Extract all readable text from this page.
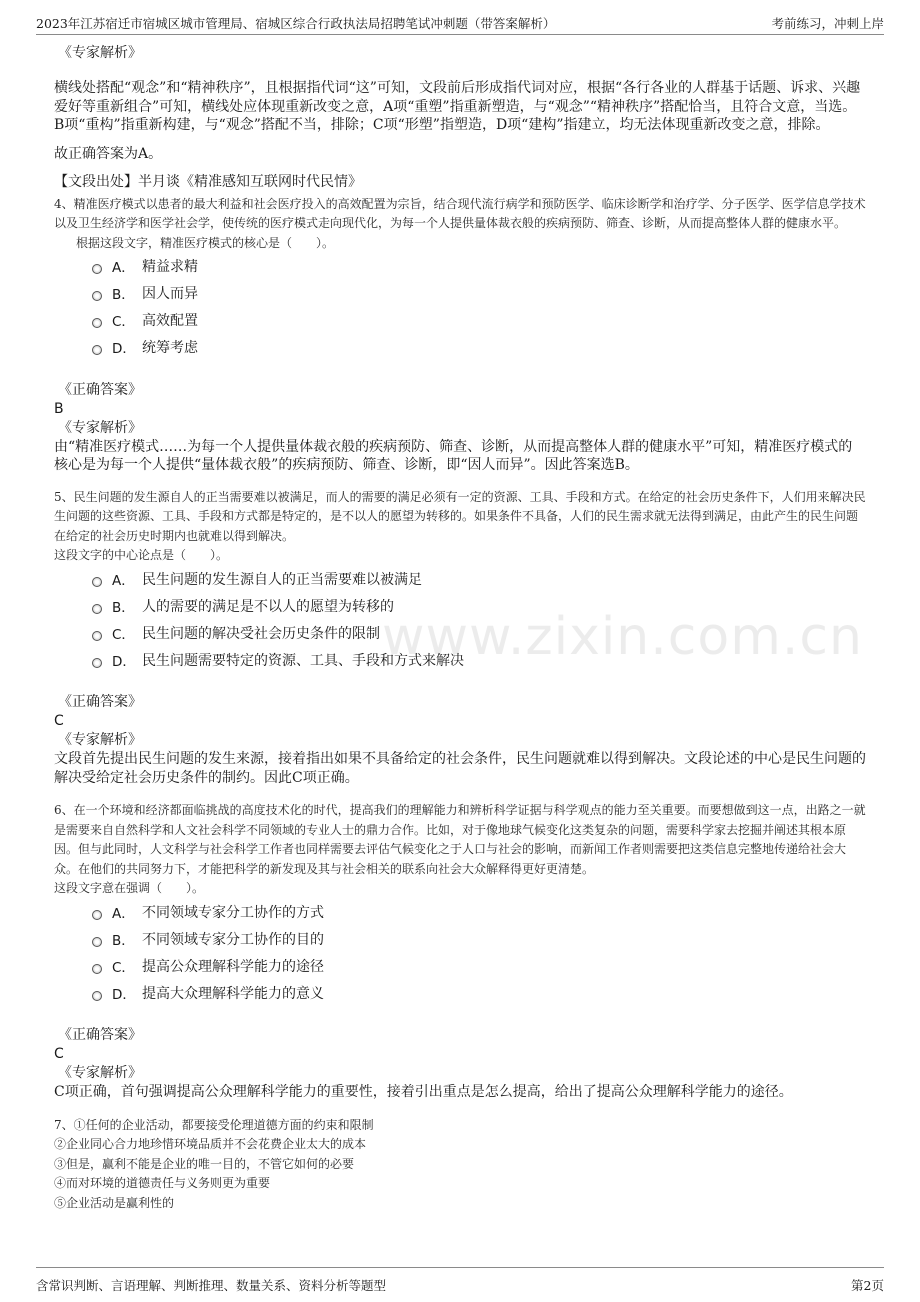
2023年江苏宿迁市宿城区城市管理局、宿城区综合行政执法局招聘笔试冲刺题（带答案解析）	考前练习，冲刺上岸
www.zixin.com.cn

《专家解析》

横线处搭配“观念”和“精神秩序”，且根据指代词“这”可知，文段前后形成指代词对应，根据“各行各业的人群基于话题、诉求、兴趣爱好等重新组合”可知，横线处应体现重新改变之意，A项“重塑”指重新塑造，与“观念”“精神秩序”搭配恰当，且符合文意，当选。B项“重构”指重新构建，与“观念”搭配不当，排除；C项“形塑”指塑造，D项“建构”指建立，均无法体现重新改变之意，排除。

故正确答案为A。

【文段出处】半月谈《精准感知互联网时代民情》

4、精准医疗模式以患者的最大利益和社会医疗投入的高效配置为宗旨，结合现代流行病学和预防医学、临床诊断学和治疗学、分子医学、医学信息学技术以及卫生经济学和医学社会学，使传统的医疗模式走向现代化，为每一个人提供量体裁衣般的疾病预防、筛查、诊断，从而提高整体人群的健康水平。

根据这段文字，精准医疗模式的核心是（　　）。

A． 精益求精
B． 因人而异
C． 高效配置
D． 统筹考虑

《正确答案》

B

《专家解析》

由“精准医疗模式……为每一个人提供量体裁衣般的疾病预防、筛查、诊断，从而提高整体人群的健康水平”可知，精准医疗模式的核心是为每一个人提供“量体裁衣般”的疾病预防、筛查、诊断，即“因人而异”。因此答案选B。

5、民生问题的发生源自人的正当需要难以被满足，而人的需要的满足必须有一定的资源、工具、手段和方式。在给定的社会历史条件下，人们用来解决民生问题的这些资源、工具、手段和方式都是特定的，是不以人的愿望为转移的。如果条件不具备，人们的民生需求就无法得到满足，由此产生的民生问题在给定的社会历史时期内也就难以得到解决。

这段文字的中心论点是（　　）。

A． 民生问题的发生源自人的正当需要难以被满足
B． 人的需要的满足是不以人的愿望为转移的
C． 民生问题的解决受社会历史条件的限制
D． 民生问题需要特定的资源、工具、手段和方式来解决

《正确答案》

C

《专家解析》

文段首先提出民生问题的发生来源，接着指出如果不具备给定的社会条件，民生问题就难以得到解决。文段论述的中心是民生问题的解决受给定社会历史条件的制约。因此C项正确。

6、在一个环境和经济都面临挑战的高度技术化的时代，提高我们的理解能力和辨析科学证据与科学观点的能力至关重要。而要想做到这一点，出路之一就是需要来自自然科学和人文社会科学不同领域的专业人士的鼎力合作。比如，对于像地球气候变化这类复杂的问题，需要科学家去挖掘并阐述其根本原因。但与此同时，人文科学与社会科学工作者也同样需要去评估气候变化之于人口与社会的影响，而新闻工作者则需要把这类信息完整地传递给社会大众。在他们的共同努力下，才能把科学的新发现及其与社会相关的联系向社会大众解释得更好更清楚。

这段文字意在强调（　　）。

A． 不同领域专家分工协作的方式
B． 不同领域专家分工协作的目的
C． 提高公众理解科学能力的途径
D． 提高大众理解科学能力的意义

《正确答案》

C

《专家解析》

C项正确，首句强调提高公众理解科学能力的重要性，接着引出重点是怎么提高，给出了提高公众理解科学能力的途径。

7、①任何的企业活动，都要接受伦理道德方面的约束和限制

②企业同心合力地珍惜环境品质并不会花费企业太大的成本

③但是，赢利不能是企业的唯一目的，不管它如何的必要

④而对环境的道德责任与义务则更为重要

⑤企业活动是赢利性的

含常识判断、言语理解、判断推理、数量关系、资料分析等题型	第2页
